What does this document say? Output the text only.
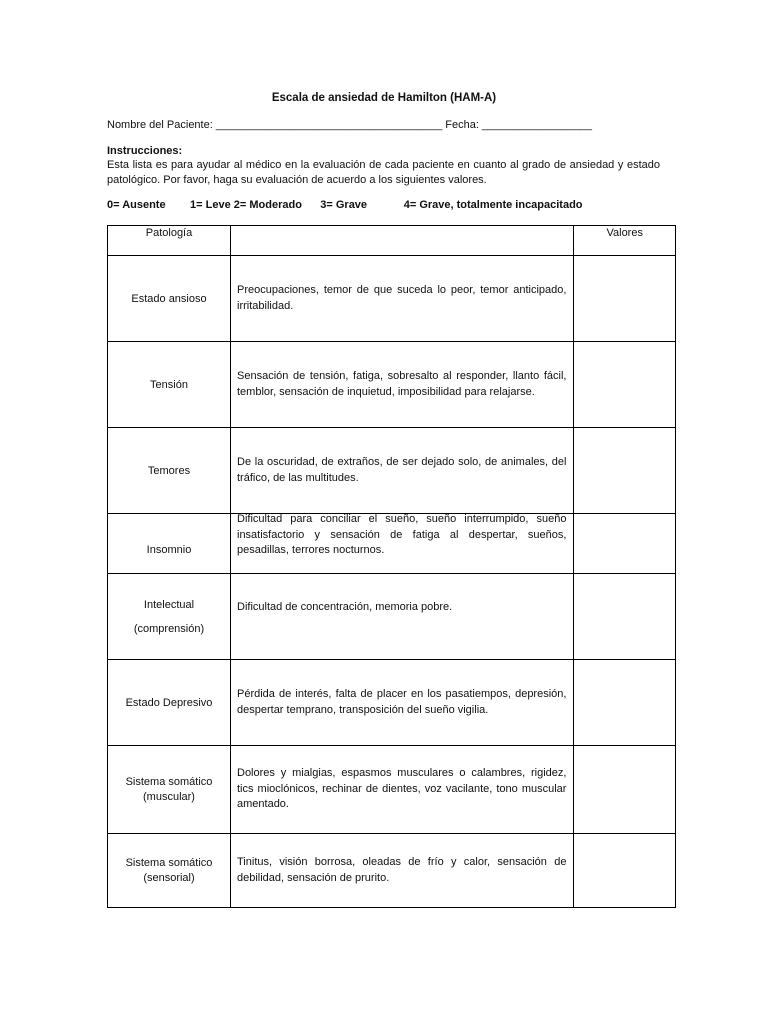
Escala de ansiedad de Hamilton (HAM-A)
Nombre del Paciente: _____________________________________ Fecha: __________________
Instrucciones:
Esta lista es para ayudar al médico en la evaluación de cada paciente en cuanto al grado de ansiedad y estado patológico. Por favor, haga su evaluación de acuerdo a los siguientes valores.
0= Ausente        1= Leve 2= Moderado      3= Grave            4= Grave, totalmente incapacitado
Patología		Valores
Estado ansioso	Preocupaciones, temor de que suceda lo peor, temor anticipado, irritabilidad.	

Tensión	Sensación de tensión, fatiga, sobresalto al responder, llanto fácil, temblor, sensación de inquietud, imposibilidad para relajarse.	

Temores	De la oscuridad, de extraños, de ser dejado solo, de animales, del tráfico, de las multitudes.	

Insomnio	Dificultad para conciliar el sueño, sueño interrumpido, sueño insatisfactorio y sensación de fatiga al despertar, sueños, pesadillas, terrores nocturnos.	

Intelectual
(comprensión)	Dificultad de concentración, memoria pobre.	

Estado Depresivo	Pérdida de interés, falta de placer en los pasatiempos, depresión, despertar temprano, transposición del sueño vigilia.	

Sistema somático (muscular)	Dolores y mialgias, espasmos musculares o calambres, rigidez, tics mioclónicos, rechinar de dientes, voz vacilante, tono muscular amentado.	

Sistema somático (sensorial)	Tinitus, visión borrosa, oleadas de frío y calor, sensación de debilidad, sensación de prurito.	
